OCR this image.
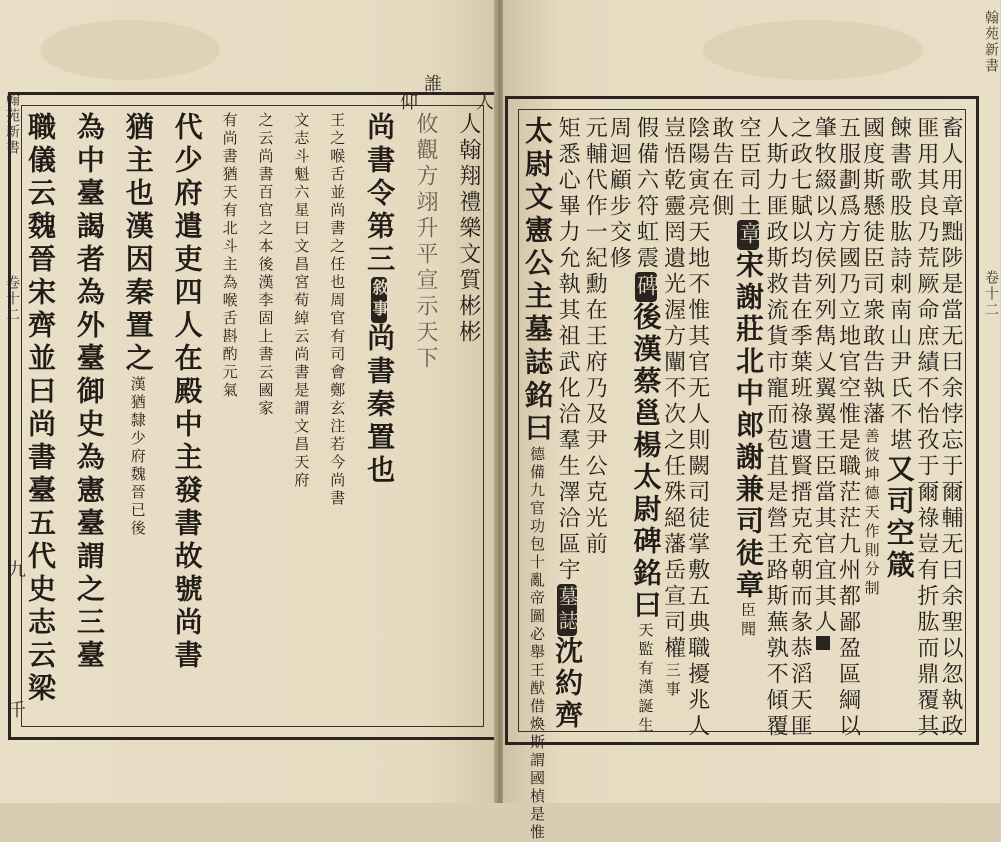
翰苑新書
卷十二
九
千
人
誰
仰
人翰翔禮樂文質彬彬
攸觀方翊升平宣示天下
尚書令第三敘事尚書秦置也
王之喉舌並尚書之任也周官有司會鄭玄注若今尚書
文志斗魁六星曰文昌宮荀綽云尚書是謂文昌天府
之云尚書百官之本後漢李固上書云國家
有尚書猶天有北斗主為喉舌斟酌元氣
代少府遣吏四人在殿中主發書故號尚書
猶主也漢因秦置之漢猶隸少府魏晉已後
為中臺謁者為外臺御史為憲臺謂之三臺
職儀云魏晉宋齊並曰尚書臺五代史志云梁
翰苑新書
卷十二
畜人用章黜陟是當无曰余悖忘于爾輔无曰余聖以忽執政
匪用其良乃荒厥命庶績不怡孜于爾祿豈有折肱而鼎覆其
餗書歌股肱詩刺南山尹氏不堪又司空箴
國度斯懸徒臣司衆敢告執藩善彼坤德天作則分制
五服劃爲方國乃立地官空惟是職茫茫九州都鄙盈區綱以
肇牧綴以方侯列列雋乂翼翼王臣當其官宜其人
之政七賦以均昔在季葉班祿遺賢搢克充朝而彖恭滔天匪
人斯力匪政斯救流貨市寵而苞苴是營王路斯蕪孰不傾覆
空臣司土章宋謝莊北中郎謝兼司徒章臣聞
敢告在側
陰陽寅亮天地不惟其官无人則闕司徒掌敷五典職擾兆人
豈悟乾靈罔遺光渥方闡不次之任殊絕藩岳宣司權三事
假備六符虹震碑後漢蔡邕楊太尉碑銘曰天監有漢誕生
周迴顧步交修
元輔代作一紀勳在王府乃及尹公克光前
矩悉心畢力允執其祖武化洽羣生澤洽區宇墓誌沈約齊
太尉文憲公主墓誌銘曰德備九官功包十亂帝圖必舉王猷借煥斯謂國楨是惟
